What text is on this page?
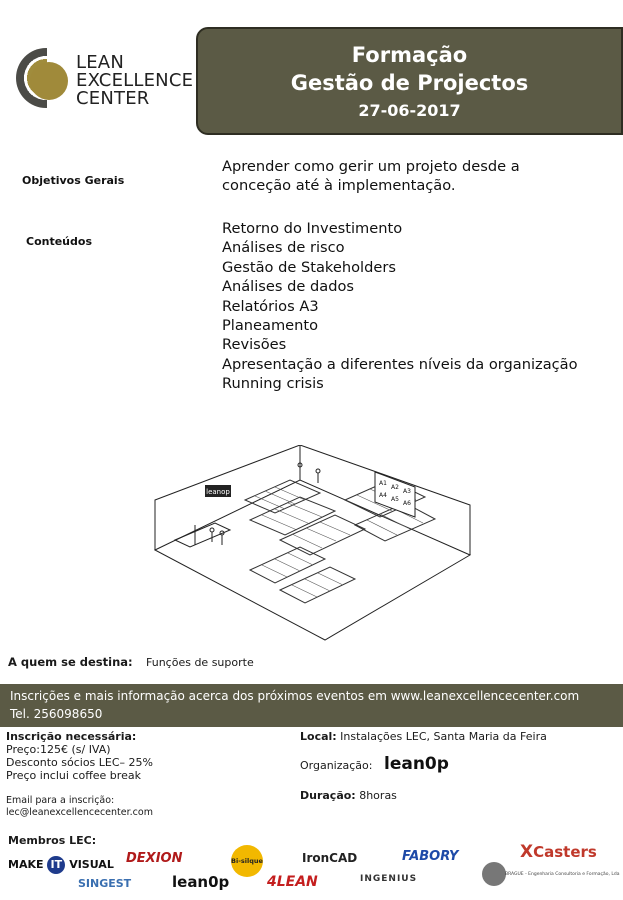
LEAN
EXCELLENCE
CENTER
Formação
Gestão de Projectos
27-06-2017
Objetivos Gerais
Aprender como gerir um projeto desde a
conceção até à implementação.
Conteúdos
Retorno do Investimento
Análises de risco
Gestão de Stakeholders
Análises de dados
Relatórios A3
Planeamento
Revisões
Apresentação a diferentes níveis da organização
Running crisis
leanop
A1
A2
A3
A4
A5
A6
A quem se destina: Funções de suporte
Inscrições e mais informação acerca dos próximos eventos em www.leanexcellencecenter.com
Tel. 256098650
Inscrição necessária:
Preço:125€ (s/ IVA)
Desconto sócios LEC– 25%
Preço inclui coffee break
Email para a inscrição:
lec@leanexcellencecenter.com
Local: Instalações LEC, Santa Maria da Feira
Organização: lean0p
Duração: 8horas
Membros LEC:
MAKE IT VISUAL DEXION	Bi-silque	IronCAD	FABORY	XCasters
SINGEST	lean0p	4LEAN	INGENIUS	BRAGUE - Engenharia Consultoria e Formação, Lda
